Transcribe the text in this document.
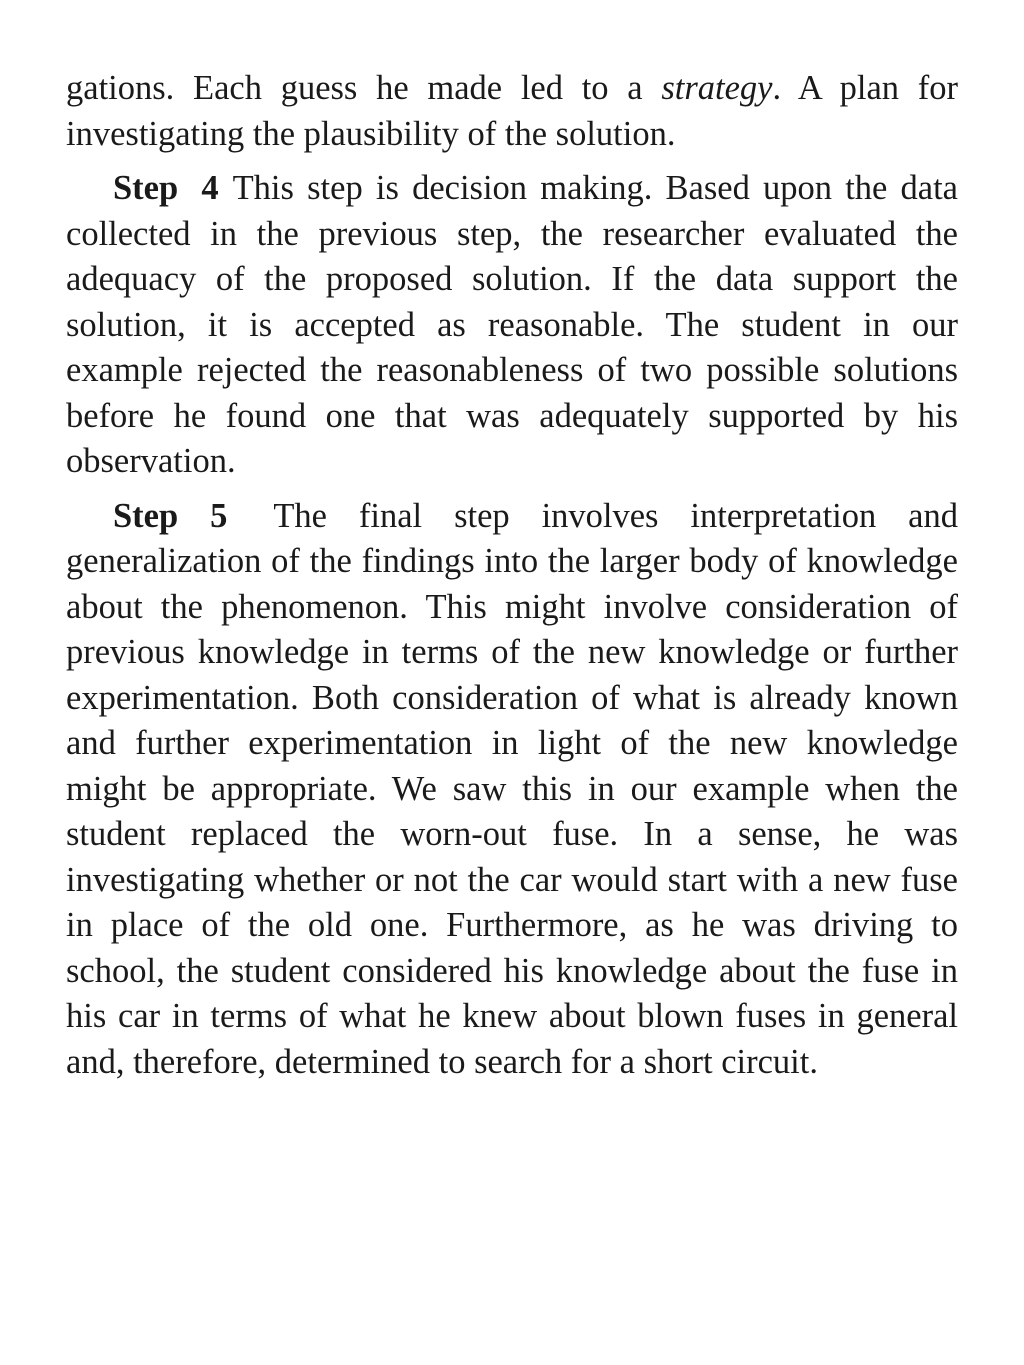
gations. Each guess he made led to a strategy. A plan for investigating the plausibility of the solution.

Step 4 This step is decision making. Based upon the data collected in the previous step, the researcher evaluated the adequacy of the proposed solution. If the data support the solution, it is accepted as reasonable. The student in our example rejected the reasonableness of two possible solutions before he found one that was adequately supported by his observation.

Step 5 The final step involves interpretation and generalization of the findings into the larger body of knowledge about the phenomenon. This might involve consideration of previous knowledge in terms of the new knowledge or further experimentation. Both consideration of what is already known and further experimentation in light of the new knowledge might be appropriate. We saw this in our example when the student replaced the worn-out fuse. In a sense, he was investigating whether or not the car would start with a new fuse in place of the old one. Furthermore, as he was driving to school, the student considered his knowledge about the fuse in his car in terms of what he knew about blown fuses in general and, therefore, determined to search for a short circuit.
